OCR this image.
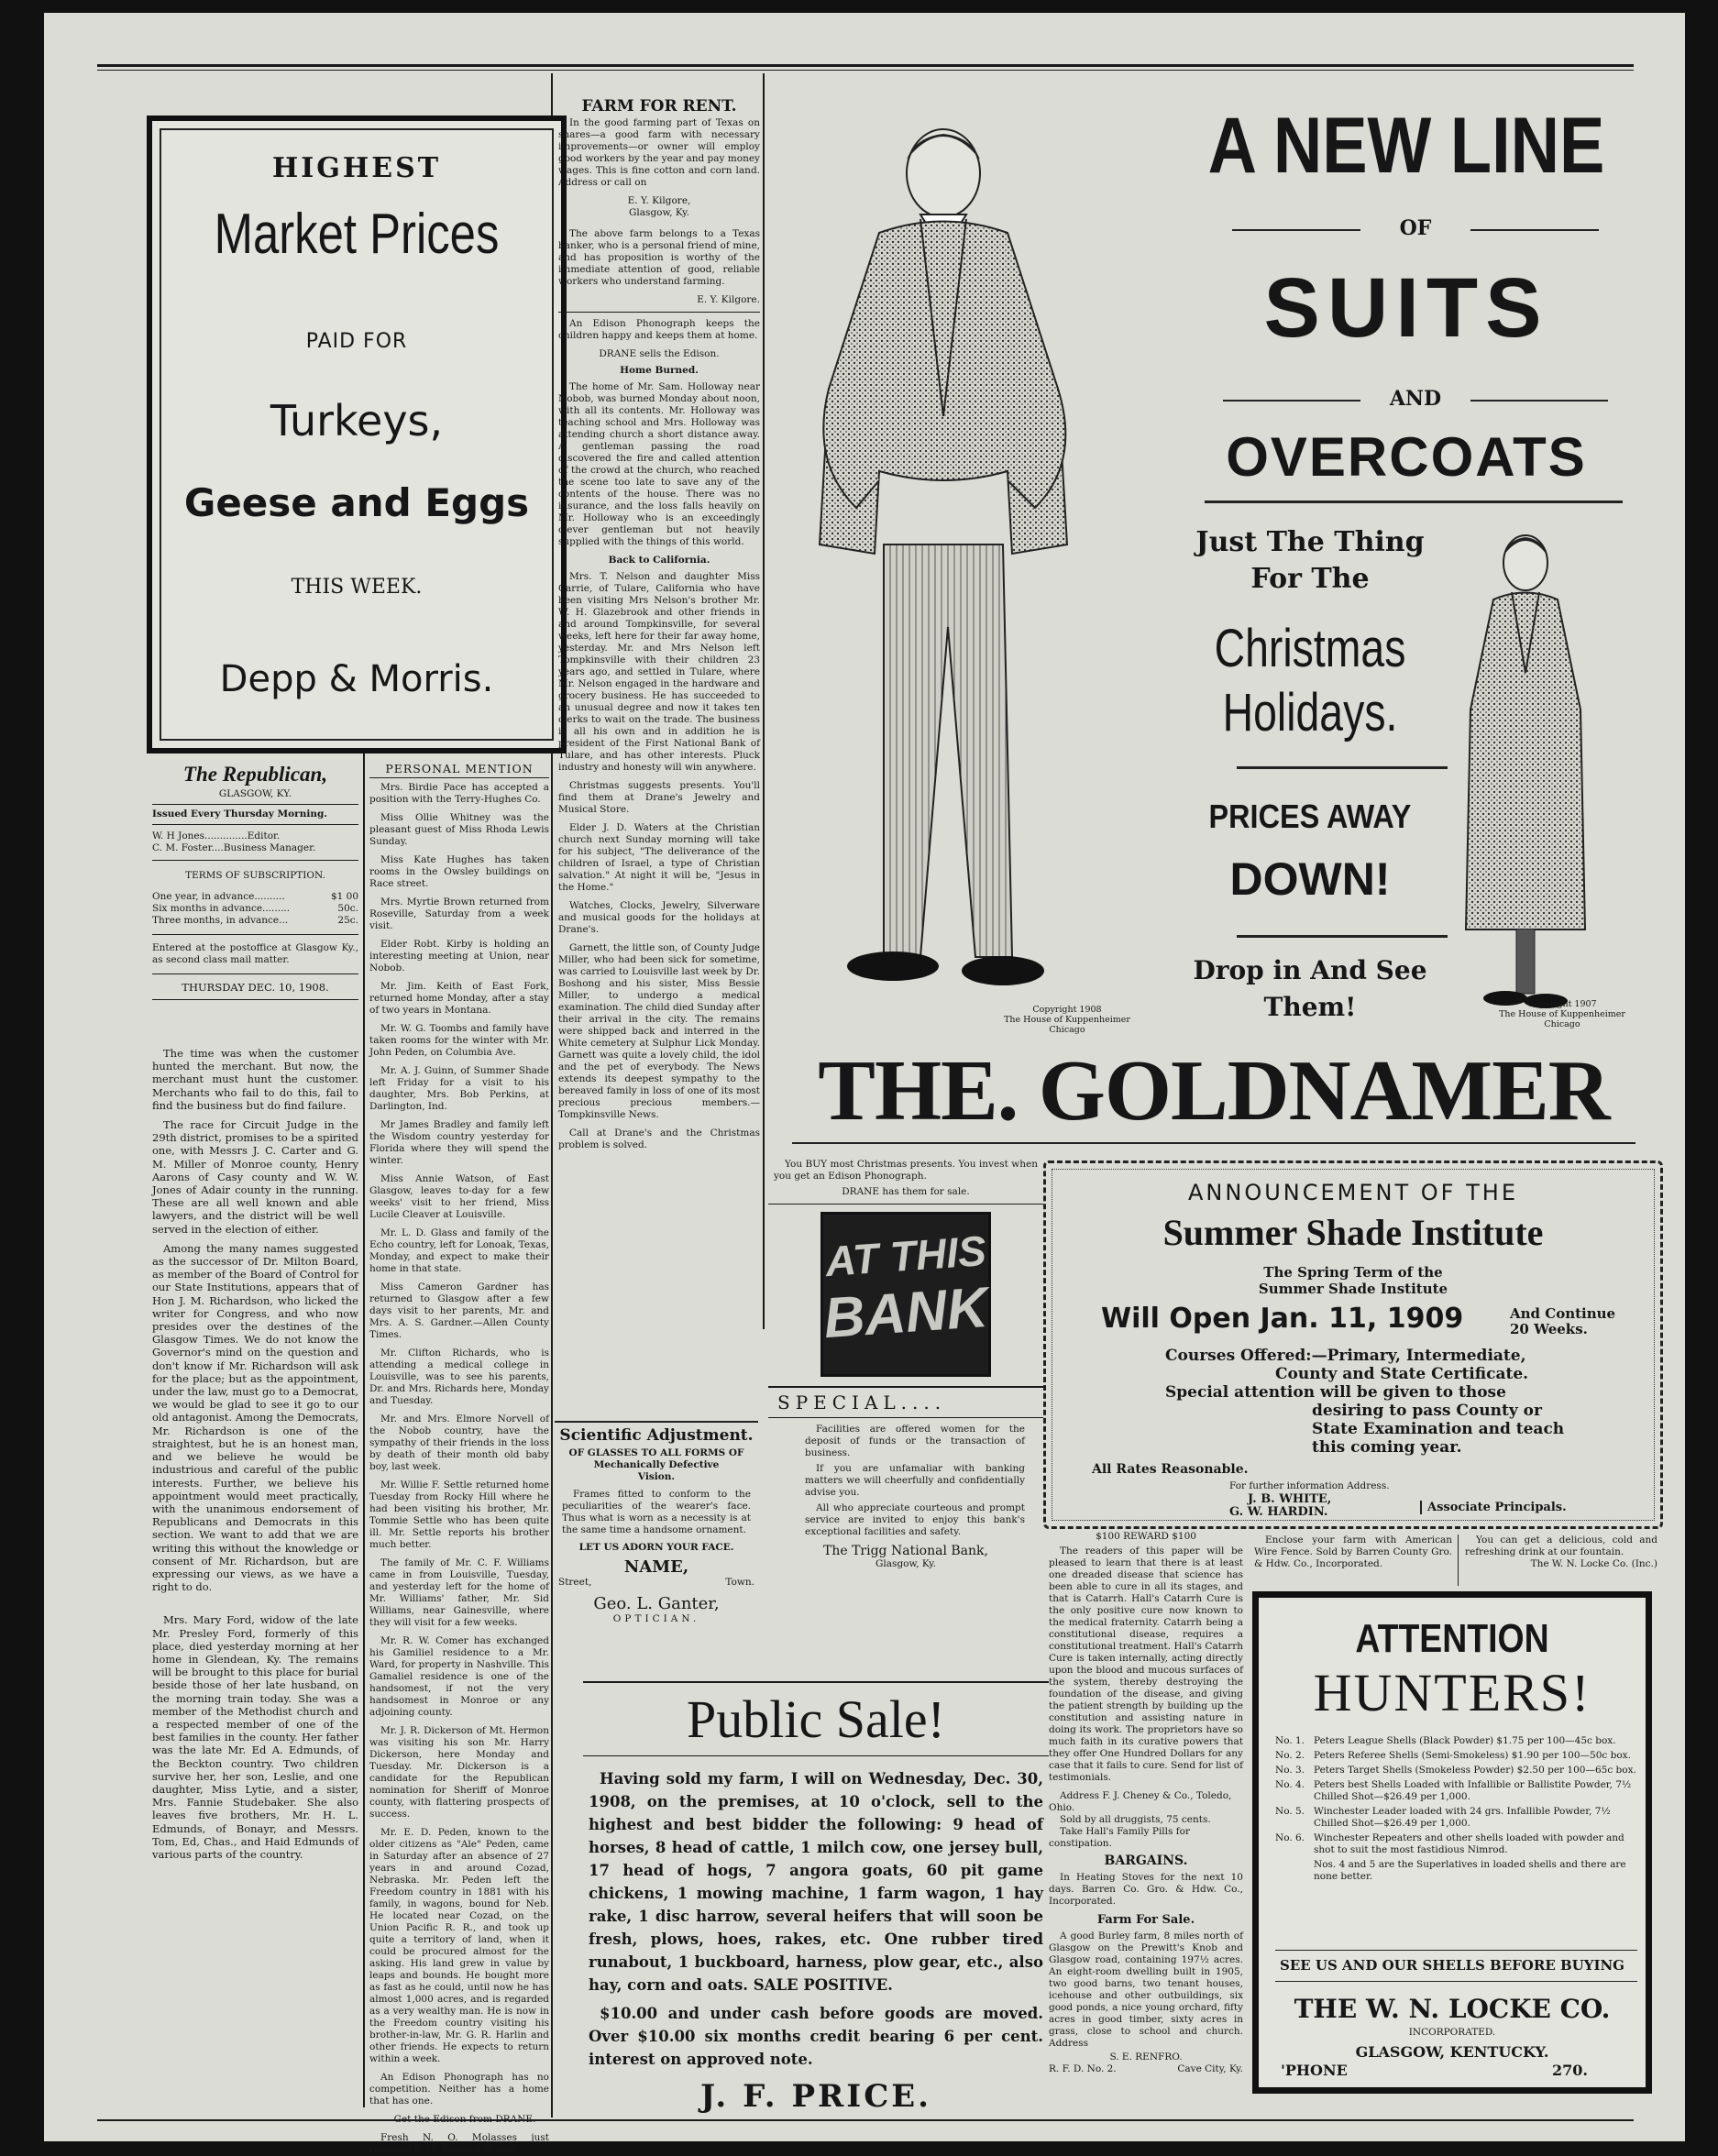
HIGHEST
Market Prices
PAID FOR
Turkeys,
Geese and Eggs
THIS WEEK.
Depp & Morris.
The Republican,
GLASGOW, KY.
Issued Every Thursday Morning.
W. H Jones..............Editor.
C. M. Foster....Business Manager.
TERMS OF SUBSCRIPTION.
One year, in advance..........	$1 00
Six months in advance.........	50c.
Three months, in advance...	25c.
Entered at the postoffice at Glasgow Ky., as second class mail matter.
THURSDAY DEC. 10, 1908.

The time was when the customer hunted the merchant. But now, the merchant must hunt the customer. Merchants who fail to do this, fail to find the business but do find failure.

The race for Circuit Judge in the 29th district, promises to be a spirited one, with Messrs J. C. Carter and G. M. Miller of Monroe county, Henry Aarons of Casy county and W. W. Jones of Adair county in the running. These are all well known and able lawyers, and the district will be well served in the election of either.

Among the many names suggested as the successor of Dr. Milton Board, as member of the Board of Control for our State Institutions, appears that of Hon J. M. Richardson, who licked the writer for Congress, and who now presides over the destines of the Glasgow Times. We do not know the Governor's mind on the question and don't know if Mr. Richardson will ask for the place; but as the appointment, under the law, must go to a Democrat, we would be glad to see it go to our old antagonist. Among the Democrats, Mr. Richardson is one of the straightest, but he is an honest man, and we believe he would be industrious and careful of the public interests. Further, we believe his appointment would meet practically, with the unanimous endorsement of Republicans and Democrats in this section. We want to add that we are writing this without the knowledge or consent of Mr. Richardson, but are expressing our views, as we have a right to do.

Mrs. Mary Ford, widow of the late Mr. Presley Ford, formerly of this place, died yesterday morning at her home in Glendean, Ky. The remains will be brought to this place for burial beside those of her late husband, on the morning train today. She was a member of the Methodist church and a respected member of one of the best families in the county. Her father was the late Mr. Ed A. Edmunds, of the Beckton country. Two children survive her, her son, Leslie, and one daughter, Miss Lytie, and a sister, Mrs. Fannie Studebaker. She also leaves five brothers, Mr. H. L. Edmunds, of Bonayr, and Messrs. Tom, Ed, Chas., and Haid Edmunds of various parts of the country.

PERSONAL MENTION

Mrs. Birdie Pace has accepted a position with the Terry-Hughes Co.

Miss Ollie Whitney was the pleasant guest of Miss Rhoda Lewis Sunday.

Miss Kate Hughes has taken rooms in the Owsley buildings on Race street.

Mrs. Myrtie Brown returned from Roseville, Saturday from a week visit.

Elder Robt. Kirby is holding an interesting meeting at Union, near Nobob.

Mr. Jim. Keith of East Fork, returned home Monday, after a stay of two years in Montana.

Mr. W. G. Toombs and family have taken rooms for the winter with Mr. John Peden, on Columbia Ave.

Mr. A. J. Guinn, of Summer Shade left Friday for a visit to his daughter, Mrs. Bob Perkins, at Darlington, Ind.

Mr James Bradley and family left the Wisdom country yesterday for Florida where they will spend the winter.

Miss Annie Watson, of East Glasgow, leaves to-day for a few weeks' visit to her friend, Miss Lucile Cleaver at Louisville.

Mr. L. D. Glass and family of the Echo country, left for Lonoak, Texas, Monday, and expect to make their home in that state.

Miss Cameron Gardner has returned to Glasgow after a few days visit to her parents, Mr. and Mrs. A. S. Gardner.—Allen County Times.

Mr. Clifton Richards, who is attending a medical college in Louisville, was to see his parents, Dr. and Mrs. Richards here, Monday and Tuesday.

Mr. and Mrs. Elmore Norvell of the Nobob country, have the sympathy of their friends in the loss by death of their month old baby boy, last week.

Mr. Willie F. Settle returned home Tuesday from Rocky Hill where he had been visiting his brother, Mr. Tommie Settle who has been quite ill. Mr. Settle reports his brother much better.

The family of Mr. C. F. Williams came in from Louisville, Tuesday, and yesterday left for the home of Mr. Williams' father, Mr. Sid Williams, near Gainesville, where they will visit for a few weeks.

Mr. R. W. Comer has exchanged his Gamiliel residence to a Mr. Ward, for property in Nashville. This Gamaliel residence is one of the handsomest, if not the very handsomest in Monroe or any adjoining county.

Mr. J. R. Dickerson of Mt. Hermon was visiting his son Mr. Harry Dickerson, here Monday and Tuesday. Mr. Dickerson is a candidate for the Republican nomination for Sheriff of Monroe county, with flattering prospects of success.

Mr. E. D. Peden, known to the older citizens as "Ale" Peden, came in Saturday after an absence of 27 years in and around Cozad, Nebraska. Mr. Peden left the Freedom country in 1881 with his family, in wagons, bound for Neb. He located near Cozad, on the Union Pacific R. R., and took up quite a territory of land, when it could be procured almost for the asking. His land grew in value by leaps and bounds. He bought more as fast as he could, until now he has almost 1,000 acres, and is regarded as a very wealthy man. He is now in the Freedom country visiting his brother-in-law, Mr. G. R. Harlin and other friends. He expects to return within a week.

An Edison Phonograph has no competition. Neither has a home that has one.

Fresh N. O. Molasses just received F. M. Redford & Son.

FARM FOR RENT.

In the good farming part of Texas on shares—a good farm with necessary improvements—or owner will employ good workers by the year and pay money wages. This is fine cotton and corn land. Address or call on

E. Y. Kilgore,
Glasgow, Ky.

The above farm belongs to a Texas banker, who is a personal friend of mine, and has proposition is worthy of the immediate attention of good, reliable workers who understand farming.

E. Y. Kilgore.

An Edison Phonograph keeps the children happy and keeps them at home.

DRANE sells the Edison.
Home Burned.

The home of Mr. Sam. Holloway near Nobob, was burned Monday about noon, with all its contents. Mr. Holloway was teaching school and Mrs. Holloway was attending church a short distance away. A gentleman passing the road discovered the fire and called attention of the crowd at the church, who reached the scene too late to save any of the contents of the house. There was no insurance, and the loss falls heavily on Mr. Holloway who is an exceedingly clever gentleman but not heavily supplied with the things of this world.

Back to California.

Mrs. T. Nelson and daughter Miss Carrie, of Tulare, California who have been visiting Mrs Nelson's brother Mr. W. H. Glazebrook and other friends in and around Tompkinsville, for several weeks, left here for their far away home, yesterday. Mr. and Mrs Nelson left Tompkinsville with their children 23 years ago, and settled in Tulare, where Mr. Nelson engaged in the hardware and grocery business. He has succeeded to an unusual degree and now it takes ten clerks to wait on the trade. The business is all his own and in addition he is president of the First National Bank of Tulare, and has other interests. Pluck industry and honesty will win anywhere.

Christmas suggests presents. You'll find them at Drane's Jewelry and Musical Store.

Elder J. D. Waters at the Christian church next Sunday morning will take for his subject, "The deliverance of the children of Israel, a type of Christian salvation." At night it will be, "Jesus in the Home."

Watches, Clocks, Jewelry, Silverware and musical goods for the holidays at Drane's.

Garnett, the little son, of County Judge Miller, who had been sick for sometime, was carried to Louisville last week by Dr. Boshong and his sister, Miss Bessie Miller, to undergo a medical examination. The child died Sunday after their arrival in the city. The remains were shipped back and interred in the White cemetery at Sulphur Lick Monday. Garnett was quite a lovely child, the idol and the pet of everybody. The News extends its deepest sympathy to the bereaved family in loss of one of its most precious precious members.—Tompkinsville News.

Call at Drane's and the Christmas problem is solved.

Scientific Adjustment.
OF GLASSES TO ALL FORMS OF
Mechanically Defective
Vision.

Frames fitted to conform to the peculiarities of the wearer's face. Thus what is worn as a necessity is at the same time a handsome ornament.

LET US ADORN YOUR FACE.
NAME,
Street,	Town.
Geo. L. Ganter,
OPTICIAN.

You BUY most Christmas presents. You invest when you get an Edison Phonograph.

DRANE has them for sale.
AT THIS
BANK
SPECIAL....

Facilities are offered women for the deposit of funds or the transaction of business.

If you are unfamaliar with banking matters we will cheerfully and confidentially advise you.

All who appreciate courteous and prompt service are invited to enjoy this bank's exceptional facilities and safety.

The Trigg National Bank,
Glasgow, Ky.
Public Sale!

Having sold my farm, I will on Wednesday, Dec. 30, 1908, on the premises, at 10 o'clock, sell to the highest and best bidder the following: 9 head of horses, 8 head of cattle, 1 milch cow, one jersey bull, 17 head of hogs, 7 angora goats, 60 pit game chickens, 1 mowing machine, 1 farm wagon, 1 hay rake, 1 disc harrow, several heifers that will soon be fresh, plows, hoes, rakes, etc. One rubber tired runabout, 1 buckboard, harness, plow gear, etc., also hay, corn and oats. SALE POSITIVE.

$10.00 and under cash before goods are moved. Over $10.00 six months credit bearing 6 per cent. interest on approved note.

J. F. PRICE.
Copyright 1908
The House of Kuppenheimer
Chicago
Copyright 1907
The House of Kuppenheimer
Chicago
A NEW LINE
OF
SUITS
AND
OVERCOATS
Just The Thing
For The
Christmas
Holidays.
PRICES AWAY
DOWN!
Drop in And See
Them!
THE. GOLDNAMER
ANNOUNCEMENT OF THE
Summer Shade Institute
The Spring Term of the
Summer Shade Institute
Will Open Jan. 11, 1909	And Continue
20 Weeks.
Courses Offered:—Primary, Intermediate,
County and State Certificate.
Special attention will be given to those
desiring to pass County or
State Examination and teach
this coming year.
All Rates Reasonable.
For further information Address.
J. B. WHITE,
G. W. HARDIN.	Associate Principals.
$100 REWARD $100

The readers of this paper will be pleased to learn that there is at least one dreaded disease that science has been able to cure in all its stages, and that is Catarrh. Hall's Catarrh Cure is the only positive cure now known to the medical fraternity. Catarrh being a constitutional disease, requires a constitutional treatment. Hall's Catarrh Cure is taken internally, acting directly upon the blood and mucous surfaces of the system, thereby destroying the foundation of the disease, and giving the patient strength by building up the constitution and assisting nature in doing its work. The proprietors have so much faith in its curative powers that they offer One Hundred Dollars for any case that it fails to cure. Send for list of testimonials.

Address F. J. Cheney & Co., Toledo, Ohio.
Sold by all druggists, 75 cents.
Take Hall's Family Pills for constipation.
BARGAINS.

In Heating Stoves for the next 10 days. Barren Co. Gro. & Hdw. Co., Incorporated.

Farm For Sale.

A good Burley farm, 8 miles north of Glasgow on the Prewitt's Knob and Glasgow road, containing 197½ acres. An eight-room dwelling built in 1905, two good barns, two tenant houses, icehouse and other outbuildings, six good ponds, a nice young orchard, fifty acres in good timber, sixty acres in grass, close to school and church. Address

S. E. RENFRO.
R. F. D. No. 2.	Cave City, Ky.

Enclose your farm with American Wire Fence. Sold by Barren County Gro. & Hdw. Co., Incorporated.

You can get a delicious, cold and refreshing drink at our fountain.

The W. N. Locke Co. (Inc.)
ATTENTION
HUNTERS!
No. 1. Peters League Shells (Black Powder) $1.75 per 100—45c box.
No. 2. Peters Referee Shells (Semi-Smokeless) $1.90 per 100—50c box.
No. 3. Peters Target Shells (Smokeless Powder) $2.50 per 100—65c box.
No. 4. Peters best Shells Loaded with Infallible or Ballistite Powder, 7½ Chilled Shot—$26.49 per 1,000.
No. 5. Winchester Leader loaded with 24 grs. Infallible Powder, 7½ Chilled Shot—$26.49 per 1,000.
No. 6. Winchester Repeaters and other shells loaded with powder and shot to suit the most fastidious Nimrod.
Nos. 4 and 5 are the Superlatives in loaded shells and there are none better.
SEE US AND OUR SHELLS BEFORE BUYING
THE W. N. LOCKE CO.
INCORPORATED.
GLASGOW, KENTUCKY.
'PHONE	270.
